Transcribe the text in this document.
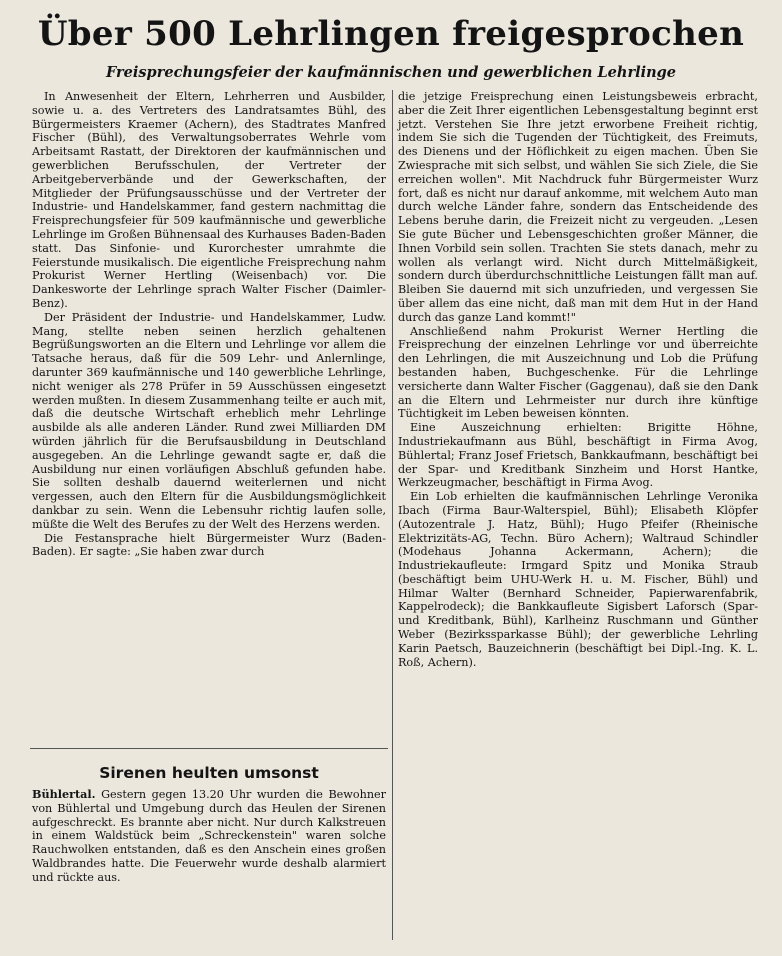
Über 500 Lehrlingen freigesprochen
Freisprechungsfeier der kaufmännischen und gewerblichen Lehrlinge

In Anwesenheit der Eltern, Lehrherren und Ausbilder, sowie u. a. des Vertreters des Landratsamtes Bühl, des Bürgermeisters Kraemer (Achern), des Stadtrates Manfred Fischer (Bühl), des Verwaltungsoberrates Wehrle vom Arbeitsamt Rastatt, der Direktoren der kaufmännischen und gewerblichen Berufsschulen, der Vertreter der Arbeitgeberverbände und der Gewerkschaften, der Mitglieder der Prüfungsausschüsse und der Vertreter der Industrie- und Handelskammer, fand gestern nachmittag die Freisprechungsfeier für 509 kaufmännische und gewerbliche Lehrlinge im Großen Bühnensaal des Kurhauses Baden-Baden statt. Das Sinfonie- und Kurorchester umrahmte die Feierstunde musikalisch. Die eigentliche Freisprechung nahm Prokurist Werner Hertling (Weisenbach) vor. Die Dankesworte der Lehrlinge sprach Walter Fischer (Daimler-Benz).

Der Präsident der Industrie- und Handelskammer, Ludw. Mang, stellte neben seinen herzlich gehaltenen Begrüßungsworten an die Eltern und Lehrlinge vor allem die Tatsache heraus, daß für die 509 Lehr- und Anlernlinge, darunter 369 kaufmännische und 140 gewerbliche Lehrlinge, nicht weniger als 278 Prüfer in 59 Ausschüssen eingesetzt werden mußten. In diesem Zusammenhang teilte er auch mit, daß die deutsche Wirtschaft erheblich mehr Lehrlinge ausbilde als alle anderen Länder. Rund zwei Milliarden DM würden jährlich für die Berufsausbildung in Deutschland ausgegeben. An die Lehrlinge gewandt sagte er, daß die Ausbildung nur einen vorläufigen Abschluß gefunden habe. Sie sollten deshalb dauernd weiterlernen und nicht vergessen, auch den Eltern für die Ausbildungsmöglichkeit dankbar zu sein. Wenn die Lebensuhr richtig laufen solle, müßte die Welt des Berufes zu der Welt des Herzens werden.

Die Festansprache hielt Bürgermeister Wurz (Baden-Baden). Er sagte: „Sie haben zwar durch

die jetzige Freisprechung einen Leistungsbeweis erbracht, aber die Zeit Ihrer eigentlichen Lebensgestaltung beginnt erst jetzt. Verstehen Sie Ihre jetzt erworbene Freiheit richtig, indem Sie sich die Tugenden der Tüchtigkeit, des Freimuts, des Dienens und der Höflichkeit zu eigen machen. Üben Sie Zwiesprache mit sich selbst, und wählen Sie sich Ziele, die Sie erreichen wollen". Mit Nachdruck fuhr Bürgermeister Wurz fort, daß es nicht nur darauf ankomme, mit welchem Auto man durch welche Länder fahre, sondern das Entscheidende des Lebens beruhe darin, die Freizeit nicht zu vergeuden. „Lesen Sie gute Bücher und Lebensgeschichten großer Männer, die Ihnen Vorbild sein sollen. Trachten Sie stets danach, mehr zu wollen als verlangt wird. Nicht durch Mittelmäßigkeit, sondern durch überdurchschnittliche Leistungen fällt man auf. Bleiben Sie dauernd mit sich unzufrieden, und vergessen Sie über allem das eine nicht, daß man mit dem Hut in der Hand durch das ganze Land kommt!"

Anschließend nahm Prokurist Werner Hertling die Freisprechung der einzelnen Lehrlinge vor und überreichte den Lehrlingen, die mit Auszeichnung und Lob die Prüfung bestanden haben, Buchgeschenke. Für die Lehrlinge versicherte dann Walter Fischer (Gaggenau), daß sie den Dank an die Eltern und Lehrmeister nur durch ihre künftige Tüchtigkeit im Leben beweisen könnten.

Eine Auszeichnung erhielten: Brigitte Höhne, Industriekaufmann aus Bühl, beschäftigt in Firma Avog, Bühlertal; Franz Josef Frietsch, Bankkaufmann, beschäftigt bei der Spar- und Kreditbank Sinzheim und Horst Hantke, Werkzeugmacher, beschäftigt in Firma Avog.

Ein Lob erhielten die kaufmännischen Lehrlinge Veronika Ibach (Firma Baur-Walterspiel, Bühl); Elisabeth Klöpfer (Autozentrale J. Hatz, Bühl); Hugo Pfeifer (Rheinische Elektrizitäts-AG, Techn. Büro Achern); Waltraud Schindler (Modehaus Johanna Ackermann, Achern); die Industriekaufleute: Irmgard Spitz und Monika Straub (beschäftigt beim UHU-Werk H. u. M. Fischer, Bühl) und Hilmar Walter (Bernhard Schneider, Papierwarenfabrik, Kappelrodeck); die Bankkaufleute Sigisbert Laforsch (Spar- und Kreditbank, Bühl), Karlheinz Ruschmann und Günther Weber (Bezirkssparkasse Bühl); der gewerbliche Lehrling Karin Paetsch, Bauzeichnerin (beschäftigt bei Dipl.-Ing. K. L. Roß, Achern).

Sirenen heulten umsonst

Bühlertal. Gestern gegen 13.20 Uhr wurden die Bewohner von Bühlertal und Umgebung durch das Heulen der Sirenen aufgeschreckt. Es brannte aber nicht. Nur durch Kalkstreuen in einem Waldstück beim „Schreckenstein" waren solche Rauchwolken entstanden, daß es den Anschein eines großen Waldbrandes hatte. Die Feuerwehr wurde deshalb alarmiert und rückte aus.
